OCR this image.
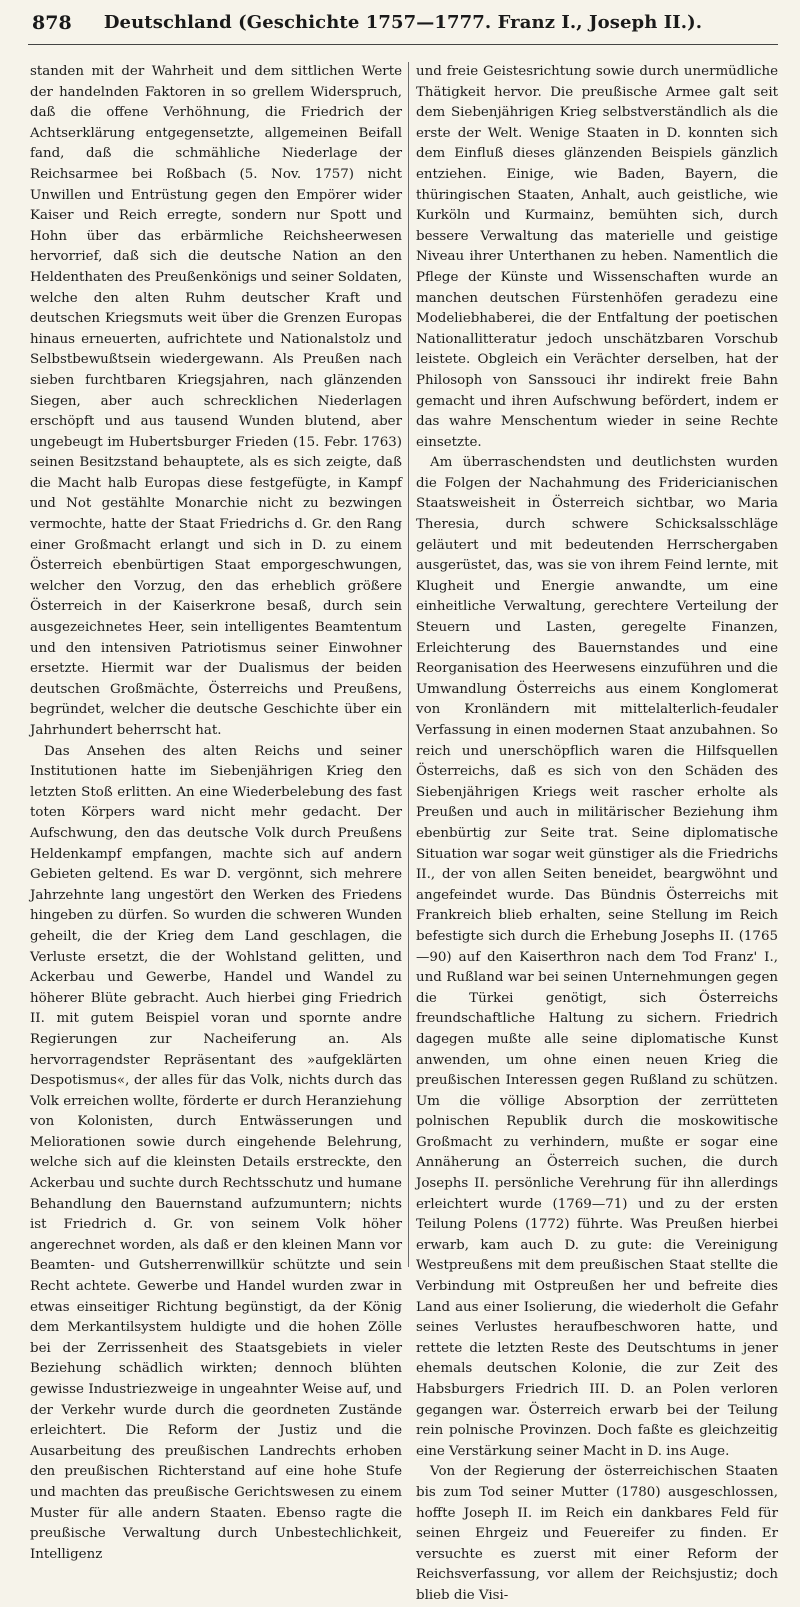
878	Deutschland (Geschichte 1757—1777. Franz I., Joseph II.).

standen mit der Wahrheit und dem sittlichen Werte der handelnden Faktoren in so grellem Widerspruch, daß die offene Verhöhnung, die Friedrich der Achtserklärung entgegensetzte, allgemeinen Beifall fand, daß die schmähliche Niederlage der Reichsarmee bei Roßbach (5. Nov. 1757) nicht Unwillen und Entrüstung gegen den Empörer wider Kaiser und Reich erregte, sondern nur Spott und Hohn über das erbärmliche Reichsheerwesen hervorrief, daß sich die deutsche Nation an den Heldenthaten des Preußenkönigs und seiner Soldaten, welche den alten Ruhm deutscher Kraft und deutschen Kriegsmuts weit über die Grenzen Europas hinaus erneuerten, aufrichtete und Nationalstolz und Selbstbewußtsein wiedergewann. Als Preußen nach sieben furchtbaren Kriegsjahren, nach glänzenden Siegen, aber auch schrecklichen Niederlagen erschöpft und aus tausend Wunden blutend, aber ungebeugt im Hubertsburger Frieden (15. Febr. 1763) seinen Besitzstand behauptete, als es sich zeigte, daß die Macht halb Europas diese festgefügte, in Kampf und Not gestählte Monarchie nicht zu bezwingen vermochte, hatte der Staat Friedrichs d. Gr. den Rang einer Großmacht erlangt und sich in D. zu einem Österreich ebenbürtigen Staat emporgeschwungen, welcher den Vorzug, den das erheblich größere Österreich in der Kaiserkrone besaß, durch sein ausgezeichnetes Heer, sein intelligentes Beamtentum und den intensiven Patriotismus seiner Einwohner ersetzte. Hiermit war der Dualismus der beiden deutschen Großmächte, Österreichs und Preußens, begründet, welcher die deutsche Geschichte über ein Jahrhundert beherrscht hat.

Das Ansehen des alten Reichs und seiner Institutionen hatte im Siebenjährigen Krieg den letzten Stoß erlitten. An eine Wiederbelebung des fast toten Körpers ward nicht mehr gedacht. Der Aufschwung, den das deutsche Volk durch Preußens Heldenkampf empfangen, machte sich auf andern Gebieten geltend. Es war D. vergönnt, sich mehrere Jahrzehnte lang ungestört den Werken des Friedens hingeben zu dürfen. So wurden die schweren Wunden geheilt, die der Krieg dem Land geschlagen, die Verluste ersetzt, die der Wohlstand gelitten, und Ackerbau und Gewerbe, Handel und Wandel zu höherer Blüte gebracht. Auch hierbei ging Friedrich II. mit gutem Beispiel voran und spornte andre Regierungen zur Nacheiferung an. Als hervorragendster Repräsentant des »aufgeklärten Despotismus«, der alles für das Volk, nichts durch das Volk erreichen wollte, förderte er durch Heranziehung von Kolonisten, durch Entwässerungen und Meliorationen sowie durch eingehende Belehrung, welche sich auf die kleinsten Details erstreckte, den Ackerbau und suchte durch Rechtsschutz und humane Behandlung den Bauernstand aufzumuntern; nichts ist Friedrich d. Gr. von seinem Volk höher angerechnet worden, als daß er den kleinen Mann vor Beamten- und Gutsherrenwillkür schützte und sein Recht achtete. Gewerbe und Handel wurden zwar in etwas einseitiger Richtung begünstigt, da der König dem Merkantilsystem huldigte und die hohen Zölle bei der Zerrissenheit des Staatsgebiets in vieler Beziehung schädlich wirkten; dennoch blühten gewisse Industriezweige in ungeahnter Weise auf, und der Verkehr wurde durch die geordneten Zustände erleichtert. Die Reform der Justiz und die Ausarbeitung des preußischen Landrechts erhoben den preußischen Richterstand auf eine hohe Stufe und machten das preußische Gerichtswesen zu einem Muster für alle andern Staaten. Ebenso ragte die preußische Verwaltung durch Unbestechlichkeit, Intelligenz

und freie Geistesrichtung sowie durch unermüdliche Thätigkeit hervor. Die preußische Armee galt seit dem Siebenjährigen Krieg selbstverständlich als die erste der Welt. Wenige Staaten in D. konnten sich dem Einfluß dieses glänzenden Beispiels gänzlich entziehen. Einige, wie Baden, Bayern, die thüringischen Staaten, Anhalt, auch geistliche, wie Kurköln und Kurmainz, bemühten sich, durch bessere Verwaltung das materielle und geistige Niveau ihrer Unterthanen zu heben. Namentlich die Pflege der Künste und Wissenschaften wurde an manchen deutschen Fürstenhöfen geradezu eine Modeliebhaberei, die der Entfaltung der poetischen Nationallitteratur jedoch unschätzbaren Vorschub leistete. Obgleich ein Verächter derselben, hat der Philosoph von Sanssouci ihr indirekt freie Bahn gemacht und ihren Aufschwung befördert, indem er das wahre Menschentum wieder in seine Rechte einsetzte.

Am überraschendsten und deutlichsten wurden die Folgen der Nachahmung des Fridericianischen Staatsweisheit in Österreich sichtbar, wo Maria Theresia, durch schwere Schicksalsschläge geläutert und mit bedeutenden Herrschergaben ausgerüstet, das, was sie von ihrem Feind lernte, mit Klugheit und Energie anwandte, um eine einheitliche Verwaltung, gerechtere Verteilung der Steuern und Lasten, geregelte Finanzen, Erleichterung des Bauernstandes und eine Reorganisation des Heerwesens einzuführen und die Umwandlung Österreichs aus einem Konglomerat von Kronländern mit mittelalterlich-feudaler Verfassung in einen modernen Staat anzubahnen. So reich und unerschöpflich waren die Hilfsquellen Österreichs, daß es sich von den Schäden des Siebenjährigen Kriegs weit rascher erholte als Preußen und auch in militärischer Beziehung ihm ebenbürtig zur Seite trat. Seine diplomatische Situation war sogar weit günstiger als die Friedrichs II., der von allen Seiten beneidet, beargwöhnt und angefeindet wurde. Das Bündnis Österreichs mit Frankreich blieb erhalten, seine Stellung im Reich befestigte sich durch die Erhebung Josephs II. (1765—90) auf den Kaiserthron nach dem Tod Franz' I., und Rußland war bei seinen Unternehmungen gegen die Türkei genötigt, sich Österreichs freundschaftliche Haltung zu sichern. Friedrich dagegen mußte alle seine diplomatische Kunst anwenden, um ohne einen neuen Krieg die preußischen Interessen gegen Rußland zu schützen. Um die völlige Absorption der zerrütteten polnischen Republik durch die moskowitische Großmacht zu verhindern, mußte er sogar eine Annäherung an Österreich suchen, die durch Josephs II. persönliche Verehrung für ihn allerdings erleichtert wurde (1769—71) und zu der ersten Teilung Polens (1772) führte. Was Preußen hierbei erwarb, kam auch D. zu gute: die Vereinigung Westpreußens mit dem preußischen Staat stellte die Verbindung mit Ostpreußen her und befreite dies Land aus einer Isolierung, die wiederholt die Gefahr seines Verlustes heraufbeschworen hatte, und rettete die letzten Reste des Deutschtums in jener ehemals deutschen Kolonie, die zur Zeit des Habsburgers Friedrich III. D. an Polen verloren gegangen war. Österreich erwarb bei der Teilung rein polnische Provinzen. Doch faßte es gleichzeitig eine Verstärkung seiner Macht in D. ins Auge.

Von der Regierung der österreichischen Staaten bis zum Tod seiner Mutter (1780) ausgeschlossen, hoffte Joseph II. im Reich ein dankbares Feld für seinen Ehrgeiz und Feuereifer zu finden. Er versuchte es zuerst mit einer Reform der Reichsverfassung, vor allem der Reichsjustiz; doch blieb die Visi-
